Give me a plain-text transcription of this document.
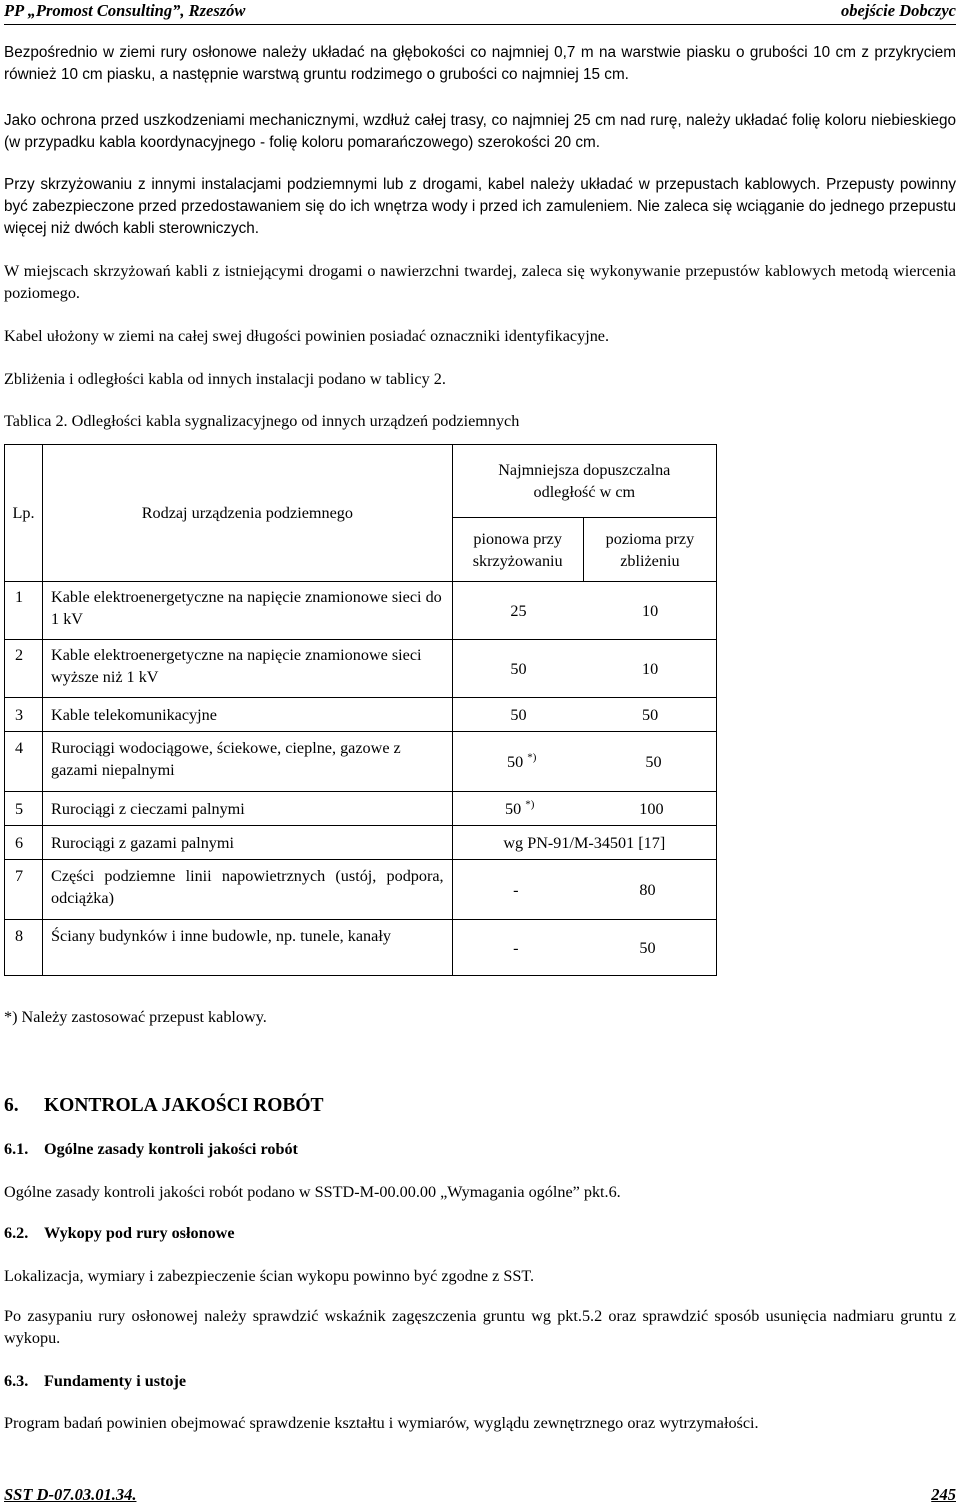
PP „Promost Consulting”, Rzeszów	obejście Dobczyc
Bezpośrednio w ziemi rury osłonowe należy układać na głębokości co najmniej 0,7 m na warstwie piasku o grubości 10 cm z przykryciem również 10 cm piasku, a następnie warstwą gruntu rodzimego o grubości co najmniej 15 cm.
Jako ochrona przed uszkodzeniami mechanicznymi, wzdłuż całej trasy, co najmniej 25 cm nad rurę, należy układać folię koloru niebieskiego (w przypadku kabla koordynacyjnego - folię koloru pomarańczowego) szerokości 20 cm.
Przy skrzyżowaniu z innymi instalacjami podziemnymi lub z drogami, kabel należy układać w przepustach kablowych. Przepusty powinny być zabezpieczone przed przedostawaniem się do ich wnętrza wody i przed ich zamuleniem. Nie zaleca się wciąganie do jednego przepustu więcej niż dwóch kabli sterowniczych.
W miejscach skrzyżowań kabli z istniejącymi drogami o nawierzchni twardej, zaleca się wykonywanie przepustów kablowych metodą wiercenia poziomego.
Kabel ułożony w ziemi na całej swej długości powinien posiadać oznaczniki identyfikacyjne.
Zbliżenia i odległości kabla od innych instalacji podano w tablicy 2.
Tablica 2. Odległości kabla sygnalizacyjnego od innych urządzeń podziemnych
Lp.	Rodzaj urządzenia podziemnego	Najmniejsza dopuszczalna odległość w cm	
		pionowa przy skrzyżowaniu	pozioma przy zbliżeniu
1	Kable elektroenergetyczne na napięcie znamionowe sieci do 1 kV	25 10	

2	Kable elektroenergetyczne na napięcie znamionowe sieci wyższe niż 1 kV	50 10	

3	Kable telekomunikacyjne	50 50	

4	Rurociągi wodociągowe, ściekowe, cieplne, gazowe z gazami niepalnymi	50 *) 50	

5	Rurociągi z cieczami palnymi	50 *) 100	

6	Rurociągi z gazami palnymi	wg PN-91/M-34501 [17]	
7	Części podziemne linii napowietrznych (ustój, podpora, odciążka)	- 80	

8	Ściany budynków i inne budowle, np. tunele, kanały	- 50	
*) Należy zastosować przepust kablowy.
6. KONTROLA JAKOŚCI ROBÓT
6.1. Ogólne zasady kontroli jakości robót
Ogólne zasady kontroli jakości robót podano w SSTD-M-00.00.00 „Wymagania ogólne” pkt.6.
6.2. Wykopy pod rury osłonowe
Lokalizacja, wymiary i zabezpieczenie ścian wykopu powinno być zgodne z SST.
Po zasypaniu rury osłonowej należy sprawdzić wskaźnik zagęszczenia gruntu wg pkt.5.2 oraz sprawdzić sposób usunięcia nadmiaru gruntu z wykopu.
6.3. Fundamenty i ustoje
Program badań powinien obejmować sprawdzenie kształtu i wymiarów, wyglądu zewnętrznego oraz wytrzymałości.
SST D-07.03.01.34.	245
